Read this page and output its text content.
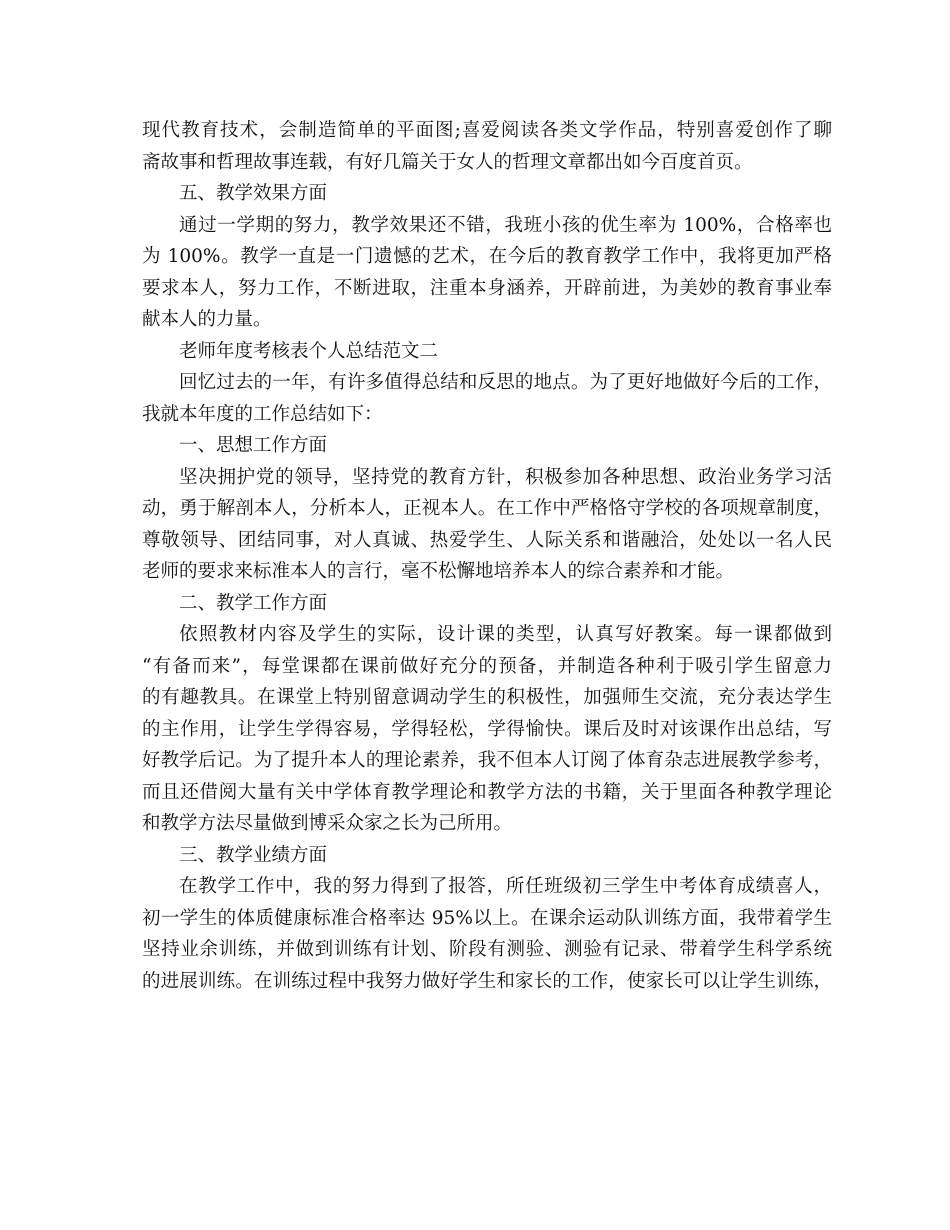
现代教育技术，会制造简单的平面图;喜爱阅读各类文学作品，特别喜爱创作了聊
斋故事和哲理故事连载，有好几篇关于女人的哲理文章都出如今百度首页。
五、教学效果方面
通过一学期的努力，教学效果还不错，我班小孩的优生率为 100%，合格率也
为 100%。教学一直是一门遗憾的艺术，在今后的教育教学工作中，我将更加严格
要求本人，努力工作，不断进取，注重本身涵养，开辟前进，为美妙的教育事业奉
献本人的力量。
老师年度考核表个人总结范文二
回忆过去的一年，有许多值得总结和反思的地点。为了更好地做好今后的工作，
我就本年度的工作总结如下：
一、思想工作方面
坚决拥护党的领导，坚持党的教育方针，积极参加各种思想、政治业务学习活
动，勇于解剖本人，分析本人，正视本人。在工作中严格恪守学校的各项规章制度，
尊敬领导、团结同事，对人真诚、热爱学生、人际关系和谐融洽，处处以一名人民
老师的要求来标准本人的言行，毫不松懈地培养本人的综合素养和才能。
二、教学工作方面
依照教材内容及学生的实际，设计课的类型，认真写好教案。每一课都做到
“有备而来”，每堂课都在课前做好充分的预备，并制造各种利于吸引学生留意力
的有趣教具。在课堂上特别留意调动学生的积极性，加强师生交流，充分表达学生
的主作用，让学生学得容易，学得轻松，学得愉快。课后及时对该课作出总结，写
好教学后记。为了提升本人的理论素养，我不但本人订阅了体育杂志进展教学参考，
而且还借阅大量有关中学体育教学理论和教学方法的书籍，关于里面各种教学理论
和教学方法尽量做到博采众家之长为己所用。
三、教学业绩方面
在教学工作中，我的努力得到了报答，所任班级初三学生中考体育成绩喜人，
初一学生的体质健康标准合格率达 95%以上。在课余运动队训练方面，我带着学生
坚持业余训练，并做到训练有计划、阶段有测验、测验有记录、带着学生科学系统
的进展训练。在训练过程中我努力做好学生和家长的工作，使家长可以让学生训练，
